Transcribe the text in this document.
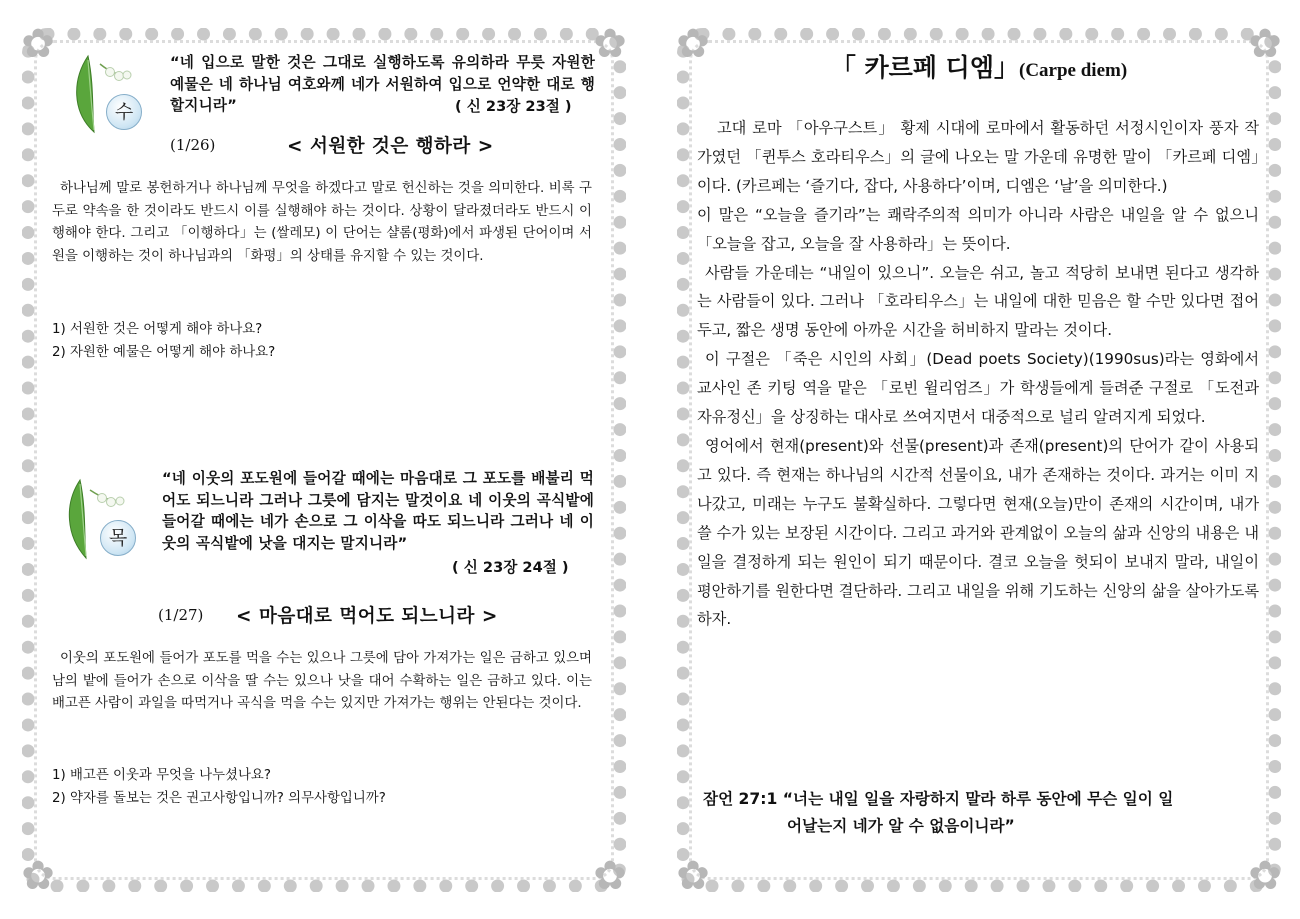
✿	✿
✿	✿
수
“네 입으로 말한 것은 그대로 실행하도록 유의하라 무릇 자원한 예물은 네 하나님 여호와께 네가 서원하여 입으로 언약한 대로 행할지니라”	( 신 23장 23절 )
(1/26)	< 서원한 것은 행하라 >
하나님께 말로 봉헌하거나 하나님께 무엇을 하겠다고 말로 헌신하는 것을 의미한다. 비록 구두로 약속을 한 것이라도 반드시 이를 실행해야 하는 것이다. 상황이 달라졌더라도 반드시 이행해야 한다. 그리고 「이행하다」는 (쌀레모) 이 단어는 샬롬(평화)에서 파생된 단어이며 서원을 이행하는 것이 하나님과의 「화평」의 상태를 유지할 수 있는 것이다.
1) 서원한 것은 어떻게 해야 하나요?
2) 자원한 예물은 어떻게 해야 하나요?
목
“네 이웃의 포도원에 들어갈 때에는 마음대로 그 포도를 배불리 먹어도 되느니라 그러나 그릇에 담지는 말것이요 네 이웃의 곡식밭에 들어갈 때에는 네가 손으로 그 이삭을 따도 되느니라 그러나 네 이웃의 곡식밭에 낫을 대지는 말지니라”
( 신 23장 24절 )
(1/27) < 마음대로 먹어도 되느니라 >
이웃의 포도원에 들어가 포도를 먹을 수는 있으나 그릇에 담아 가져가는 일은 금하고 있으며 남의 밭에 들어가 손으로 이삭을 딸 수는 있으나 낫을 대어 수확하는 일은 금하고 있다. 이는 배고픈 사람이 과일을 따먹거나 곡식을 먹을 수는 있지만 가져가는 행위는 안된다는 것이다.
1) 배고픈 이웃과 무엇을 나누셨나요?
2) 약자를 돌보는 것은 권고사항입니까? 의무사항입니까?
✿	✿
✿	✿
「 카르페 디엠」(Carpe diem)

고대 로마 「아우구스트」 황제 시대에 로마에서 활동하던 서정시인이자 풍자 작가였던 「퀸투스 호라티우스」의 글에 나오는 말 가운데 유명한 말이 「카르페 디엠」이다. (카르페는 ‘즐기다, 잡다, 사용하다’이며, 디엠은 ‘날’을 의미한다.)

이 말은 “오늘을 즐기라”는 쾌락주의적 의미가 아니라 사람은 내일을 알 수 없으니 「오늘을 잡고, 오늘을 잘 사용하라」는 뜻이다.

사람들 가운데는 “내일이 있으니”. 오늘은 쉬고, 놀고 적당히 보내면 된다고 생각하는 사람들이 있다. 그러나 「호라티우스」는 내일에 대한 믿음은 할 수만 있다면 접어 두고, 짧은 생명 동안에 아까운 시간을 허비하지 말라는 것이다.

이 구절은 「죽은 시인의 사회」(Dead poets Society)(1990sus)라는 영화에서 교사인 존 키팅 역을 맡은 「로빈 윌리엄즈」가 학생들에게 들려준 구절로 「도전과 자유정신」을 상징하는 대사로 쓰여지면서 대중적으로 널리 알려지게 되었다.

영어에서 현재(present)와 선물(present)과 존재(present)의 단어가 같이 사용되고 있다. 즉 현재는 하나님의 시간적 선물이요, 내가 존재하는 것이다. 과거는 이미 지나갔고, 미래는 누구도 불확실하다. 그렇다면 현재(오늘)만이 존재의 시간이며, 내가 쓸 수가 있는 보장된 시간이다. 그리고 과거와 관계없이 오늘의 삶과 신앙의 내용은 내일을 결정하게 되는 원인이 되기 때문이다. 결코 오늘을 헛되이 보내지 말라, 내일이 평안하기를 원한다면 결단하라. 그리고 내일을 위해 기도하는 신앙의 삶을 살아가도록 하자.

잠언 27:1 “너는 내일 일을 자랑하지 말라 하루 동안에 무슨 일이 일
어날는지 네가 알 수 없음이니라”
